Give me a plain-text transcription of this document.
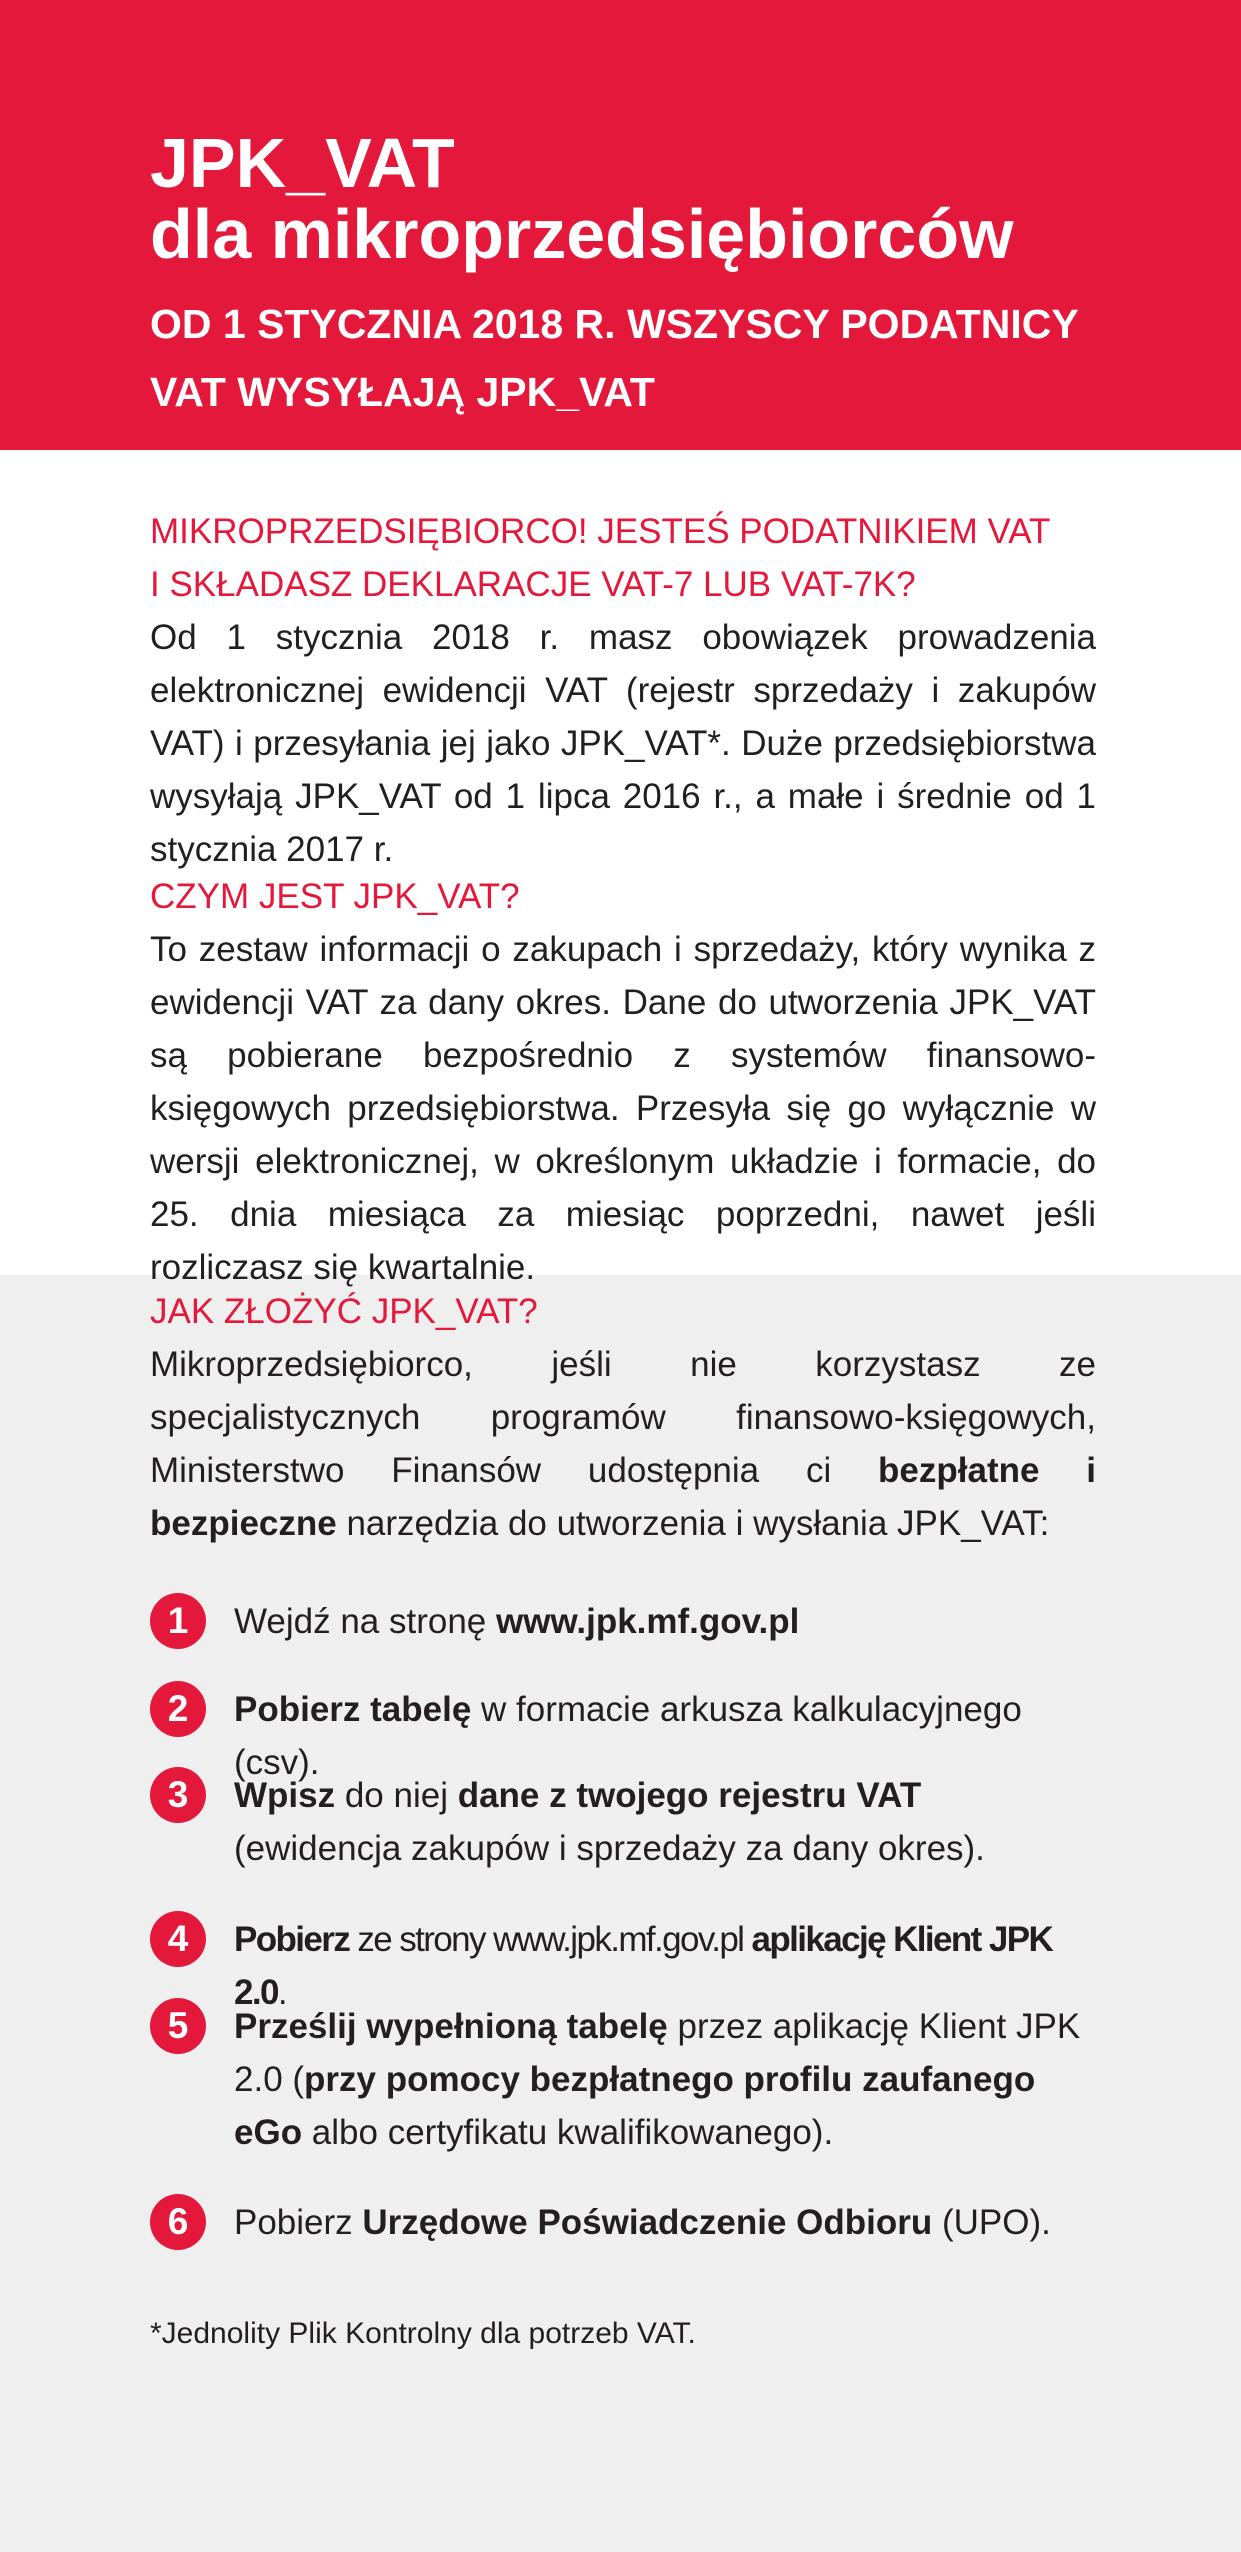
JPK_VAT
dla mikroprzedsiębiorców

OD 1 STYCZNIA 2018 R. WSZYSCY PODATNICY VAT WYSYŁAJĄ JPK_VAT

MIKROPRZEDSIĘBIORCO! JESTEŚ PODATNIKIEM VAT
I SKŁADASZ DEKLARACJE VAT-7 LUB VAT-7K?

Od 1 stycznia 2018 r. masz obowiązek prowadzenia elektronicznej ewidencji VAT (rejestr sprzedaży i zakupów VAT) i przesyłania jej jako JPK_VAT*. Duże przedsiębiorstwa wysyłają JPK_VAT od 1 lipca 2016 r., a małe i średnie od 1 stycznia 2017 r.

CZYM JEST JPK_VAT?

To zestaw informacji o zakupach i sprzedaży, który wynika z ewidencji VAT za dany okres. Dane do utworzenia JPK_VAT są pobierane bezpośrednio z systemów finansowo-księgowych przedsiębiorstwa. Przesyła się go wyłącznie w wersji elektronicznej, w określonym układzie i formacie, do 25. dnia miesiąca za miesiąc poprzedni, nawet jeśli rozliczasz się kwartalnie.

JAK ZŁOŻYĆ JPK_VAT?

Mikroprzedsiębiorco, jeśli nie korzystasz ze specjalistycznych programów finansowo-księgowych, Ministerstwo Finansów udostępnia ci bezpłatne i bezpieczne narzędzia do utworzenia i wysłania JPK_VAT:

1	Wejdź na stronę www.jpk.mf.gov.pl
2	Pobierz tabelę w formacie arkusza kalkulacyjnego (csv).
3	Wpisz do niej dane z twojego rejestru VAT (ewidencja zakupów i sprzedaży za dany okres).
4	Pobierz ze strony www.jpk.mf.gov.pl aplikację Klient JPK 2.0.
5	Prześlij wypełnioną tabelę przez aplikację Klient JPK 2.0 (przy pomocy bezpłatnego profilu zaufanego eGo albo certyfikatu kwalifikowanego).
6	Pobierz Urzędowe Poświadczenie Odbioru (UPO).

*Jednolity Plik Kontrolny dla potrzeb VAT.
